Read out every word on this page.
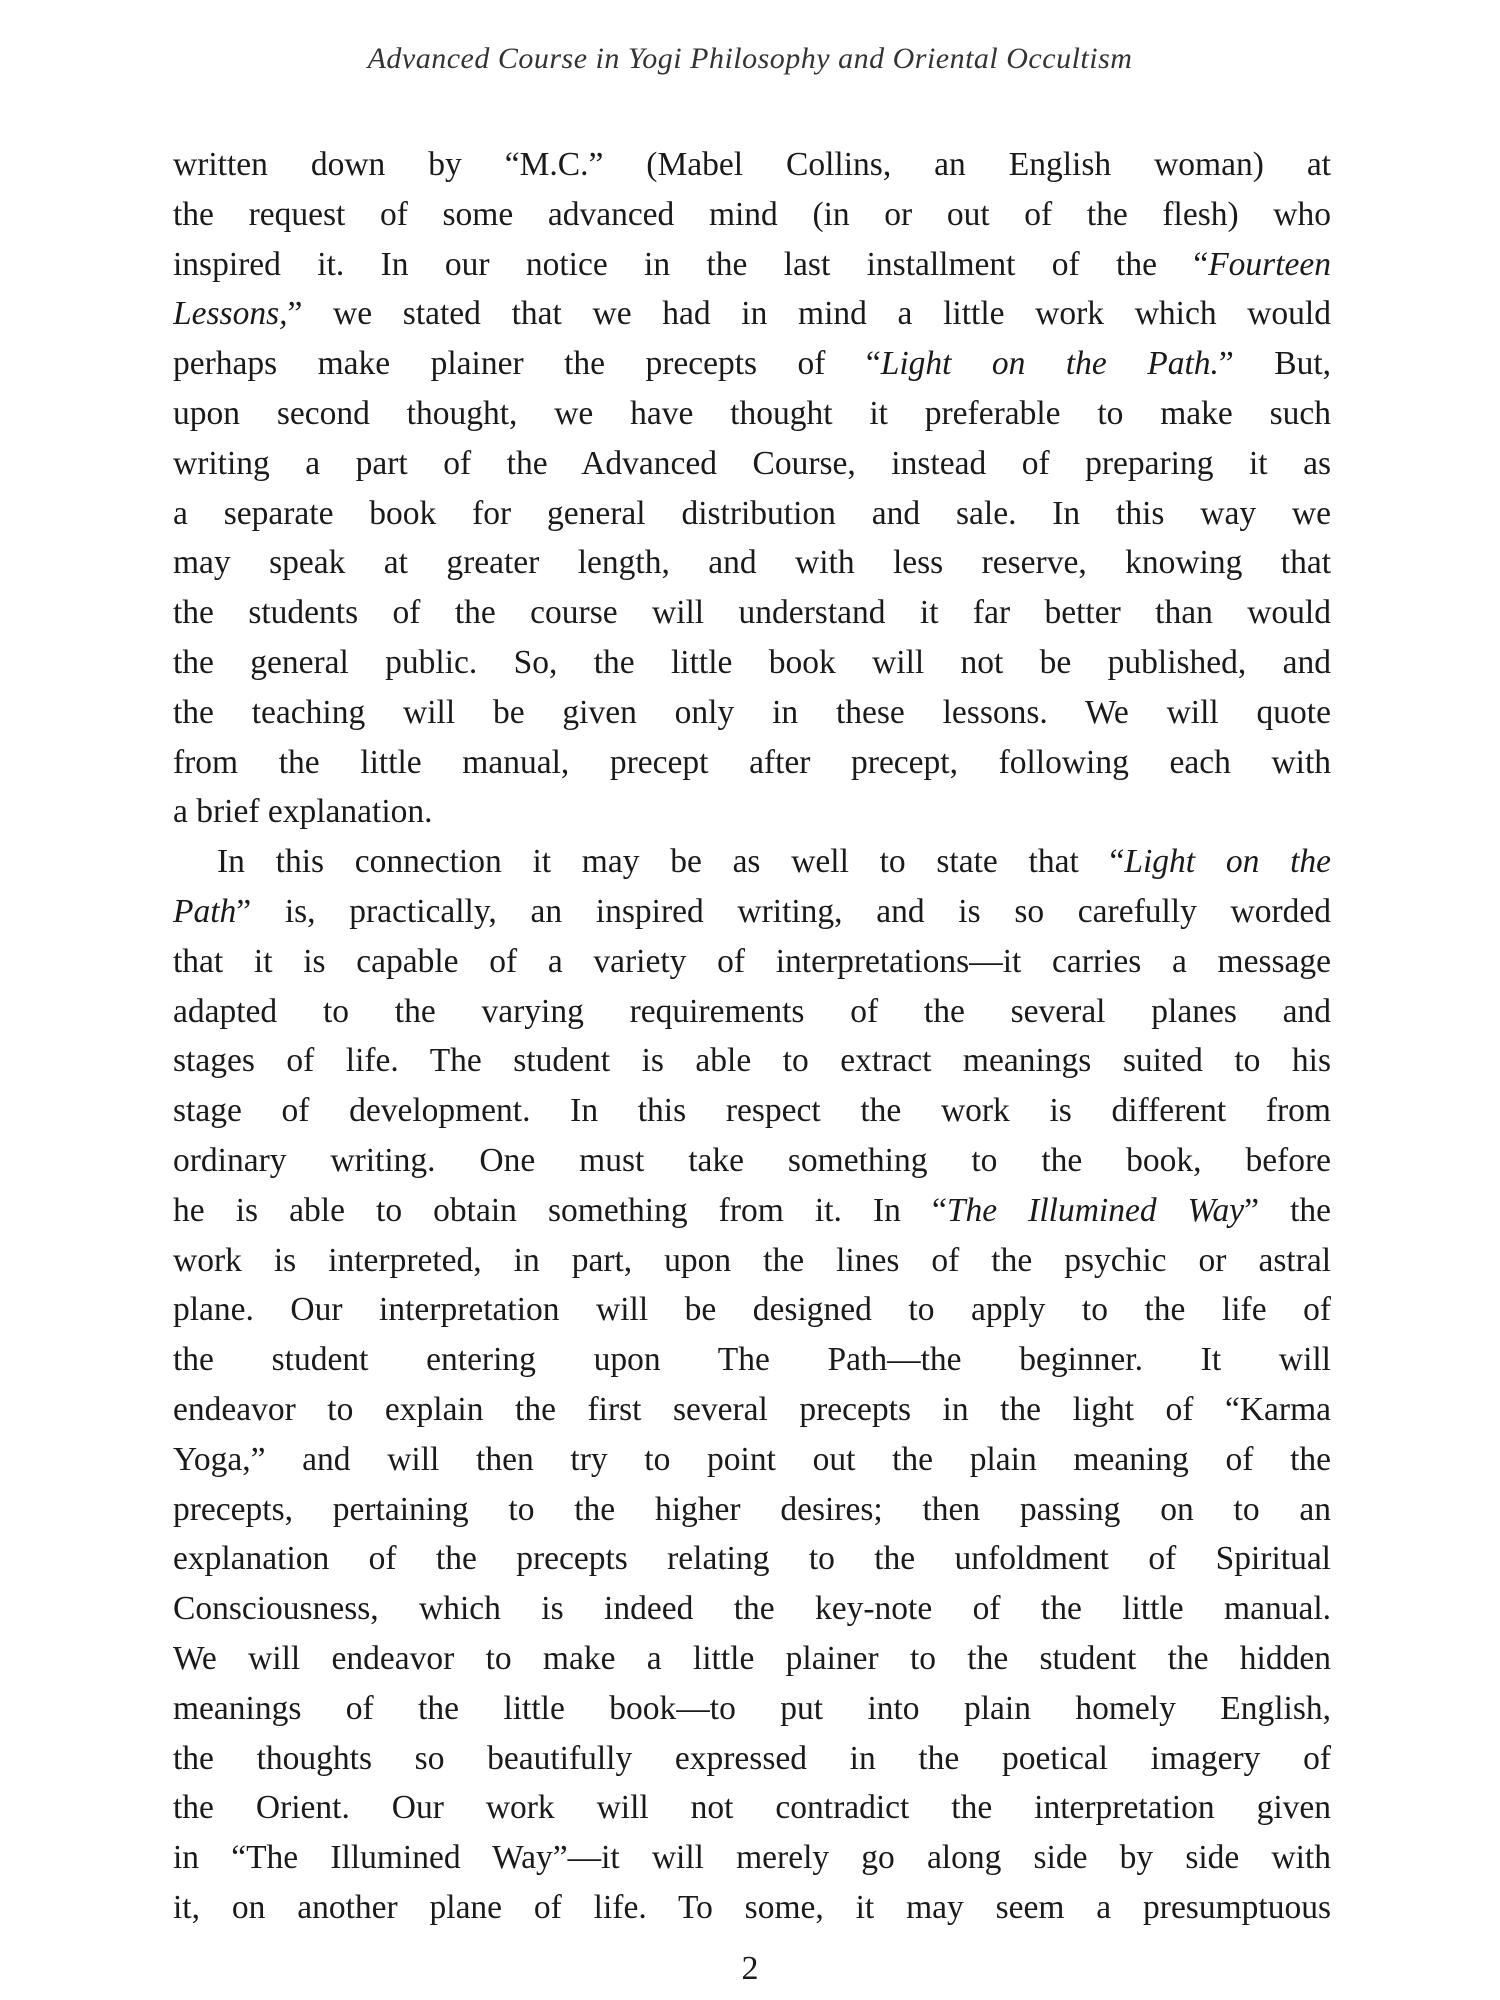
Advanced Course in Yogi Philosophy and Oriental Occultism
written down by “M.C.” (Mabel Collins, an English woman) at
the request of some advanced mind (in or out of the flesh) who
inspired it. In our notice in the last installment of the “Fourteen
Lessons,” we stated that we had in mind a little work which would
perhaps make plainer the precepts of “Light on the Path.” But,
upon second thought, we have thought it preferable to make such
writing a part of the Advanced Course, instead of preparing it as
a separate book for general distribution and sale. In this way we
may speak at greater length, and with less reserve, knowing that
the students of the course will understand it far better than would
the general public. So, the little book will not be published, and
the teaching will be given only in these lessons. We will quote
from the little manual, precept after precept, following each with
a brief explanation.
In this connection it may be as well to state that “Light on the
Path” is, practically, an inspired writing, and is so carefully worded
that it is capable of a variety of interpretations—it carries a message
adapted to the varying requirements of the several planes and
stages of life. The student is able to extract meanings suited to his
stage of development. In this respect the work is different from
ordinary writing. One must take something to the book, before
he is able to obtain something from it. In “The Illumined Way” the
work is interpreted, in part, upon the lines of the psychic or astral
plane. Our interpretation will be designed to apply to the life of
the student entering upon The Path—the beginner. It will
endeavor to explain the first several precepts in the light of “Karma
Yoga,” and will then try to point out the plain meaning of the
precepts, pertaining to the higher desires; then passing on to an
explanation of the precepts relating to the unfoldment of Spiritual
Consciousness, which is indeed the key-note of the little manual.
We will endeavor to make a little plainer to the student the hidden
meanings of the little book—to put into plain homely English,
the thoughts so beautifully expressed in the poetical imagery of
the Orient. Our work will not contradict the interpretation given
in “The Illumined Way”—it will merely go along side by side with
it, on another plane of life. To some, it may seem a presumptuous
2
